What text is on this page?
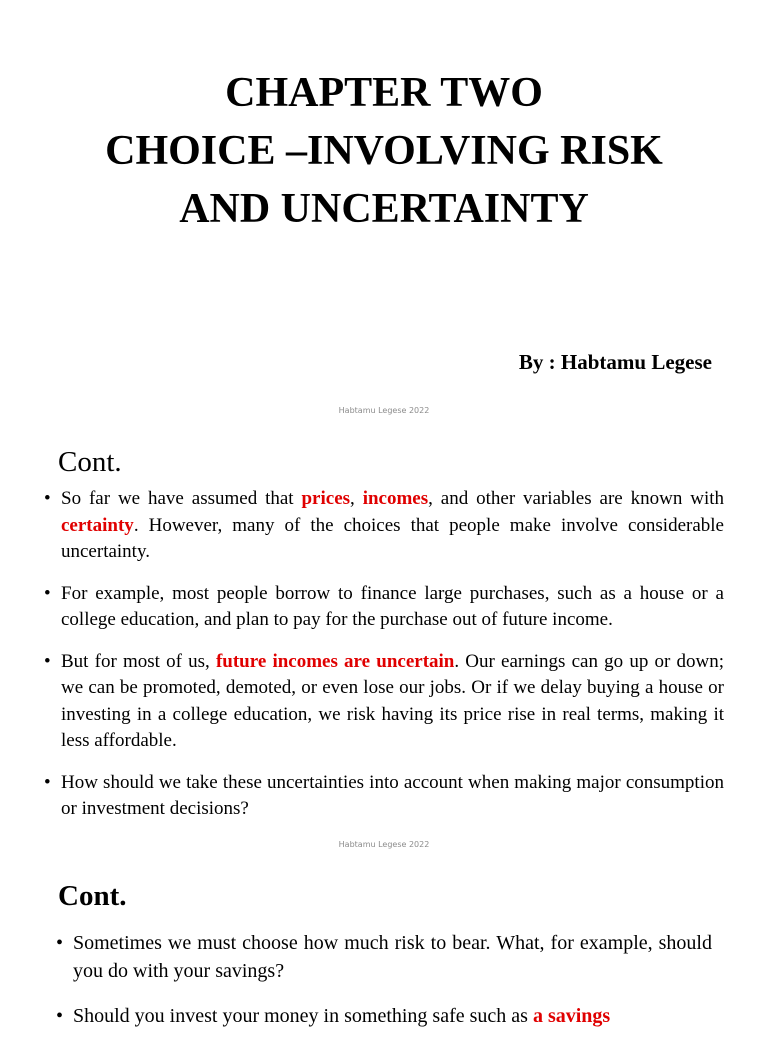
CHAPTER TWO
CHOICE –INVOLVING RISK
AND UNCERTAINTY
By : Habtamu Legese
Habtamu Legese 2022
Cont.
• So far we have assumed that prices, incomes, and other variables are known with certainty. However, many of the choices that people make involve considerable uncertainty.
• For example, most people borrow to finance large purchases, such as a house or a college education, and plan to pay for the purchase out of future income.
• But for most of us, future incomes are uncertain. Our earnings can go up or down; we can be promoted, demoted, or even lose our jobs. Or if we delay buying a house or investing in a college education, we risk having its price rise in real terms, making it less affordable.
• How should we take these uncertainties into account when making major consumption or investment decisions?
Habtamu Legese 2022
Cont.
• Sometimes we must choose how much risk to bear. What, for example, should you do with your savings?
• Should you invest your money in something safe such as a savings
